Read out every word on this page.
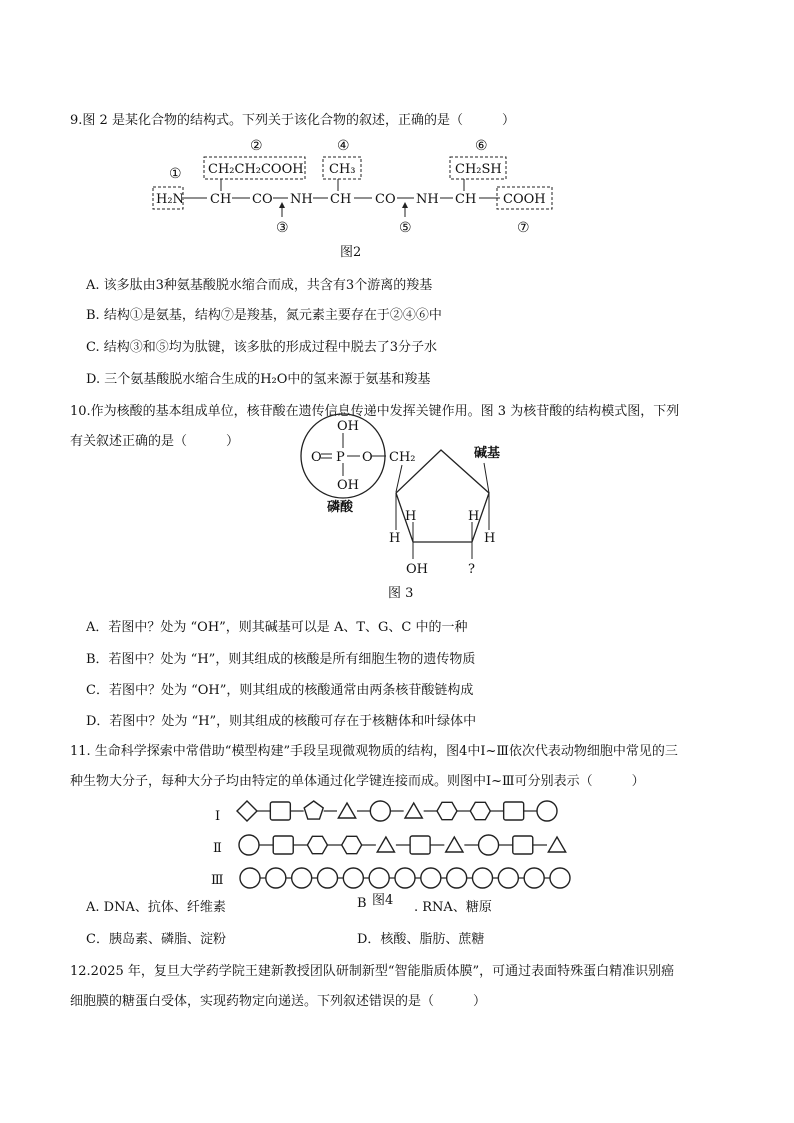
9.图 2 是某化合物的结构式。下列关于该化合物的叙述，正确的是（　　　）
①
②	④	⑥
③	⑤	⑦
CH₂CH₂COOH CH₃	CH₂SH
H₂N CH CO NH CH CO NH CH COOH
图2
A. 该多肽由3种氨基酸脱水缩合而成，共含有3个游离的羧基
B. 结构①是氨基，结构⑦是羧基，氮元素主要存在于②④⑥中
C. 结构③和⑤均为肽键，该多肽的形成过程中脱去了3分子水
D. 三个氨基酸脱水缩合生成的H₂O中的氢来源于氨基和羧基
10.作为核酸的基本组成单位，核苷酸在遗传信息传递中发挥关键作用。图 3 为核苷酸的结构模式图，下列
有关叙述正确的是（　　　）
OH
O P O
OH
磷酸
CH₂	碱基
H
H
H
H
OH	?
图 3
A．若图中？处为 “OH”，则其碱基可以是 A、T、G、C 中的一种
B．若图中？处为 “H”，则其组成的核酸是所有细胞生物的遗传物质
C．若图中？处为 “OH”，则其组成的核酸通常由两条核苷酸链构成
D．若图中？处为 “H”，则其组成的核酸可存在于核糖体和叶绿体中
11. 生命科学探索中常借助“模型构建”手段呈现微观物质的结构，图4中Ⅰ~Ⅲ依次代表动物细胞中常见的三
种生物大分子，每种大分子均由特定的单体通过化学键连接而成。则图中Ⅰ~Ⅲ可分别表示（　　　）
Ⅰ
Ⅱ
Ⅲ
图4
A. DNA、抗体、纤维素	B	. RNA、糖原
C．胰岛素、磷脂、淀粉	D．核酸、脂肪、蔗糖
12.2025 年，复旦大学药学院王建新教授团队研制新型“智能脂质体膜”，可通过表面特殊蛋白精准识别癌
细胞膜的糖蛋白受体，实现药物定向递送。下列叙述错误的是（　　　）
